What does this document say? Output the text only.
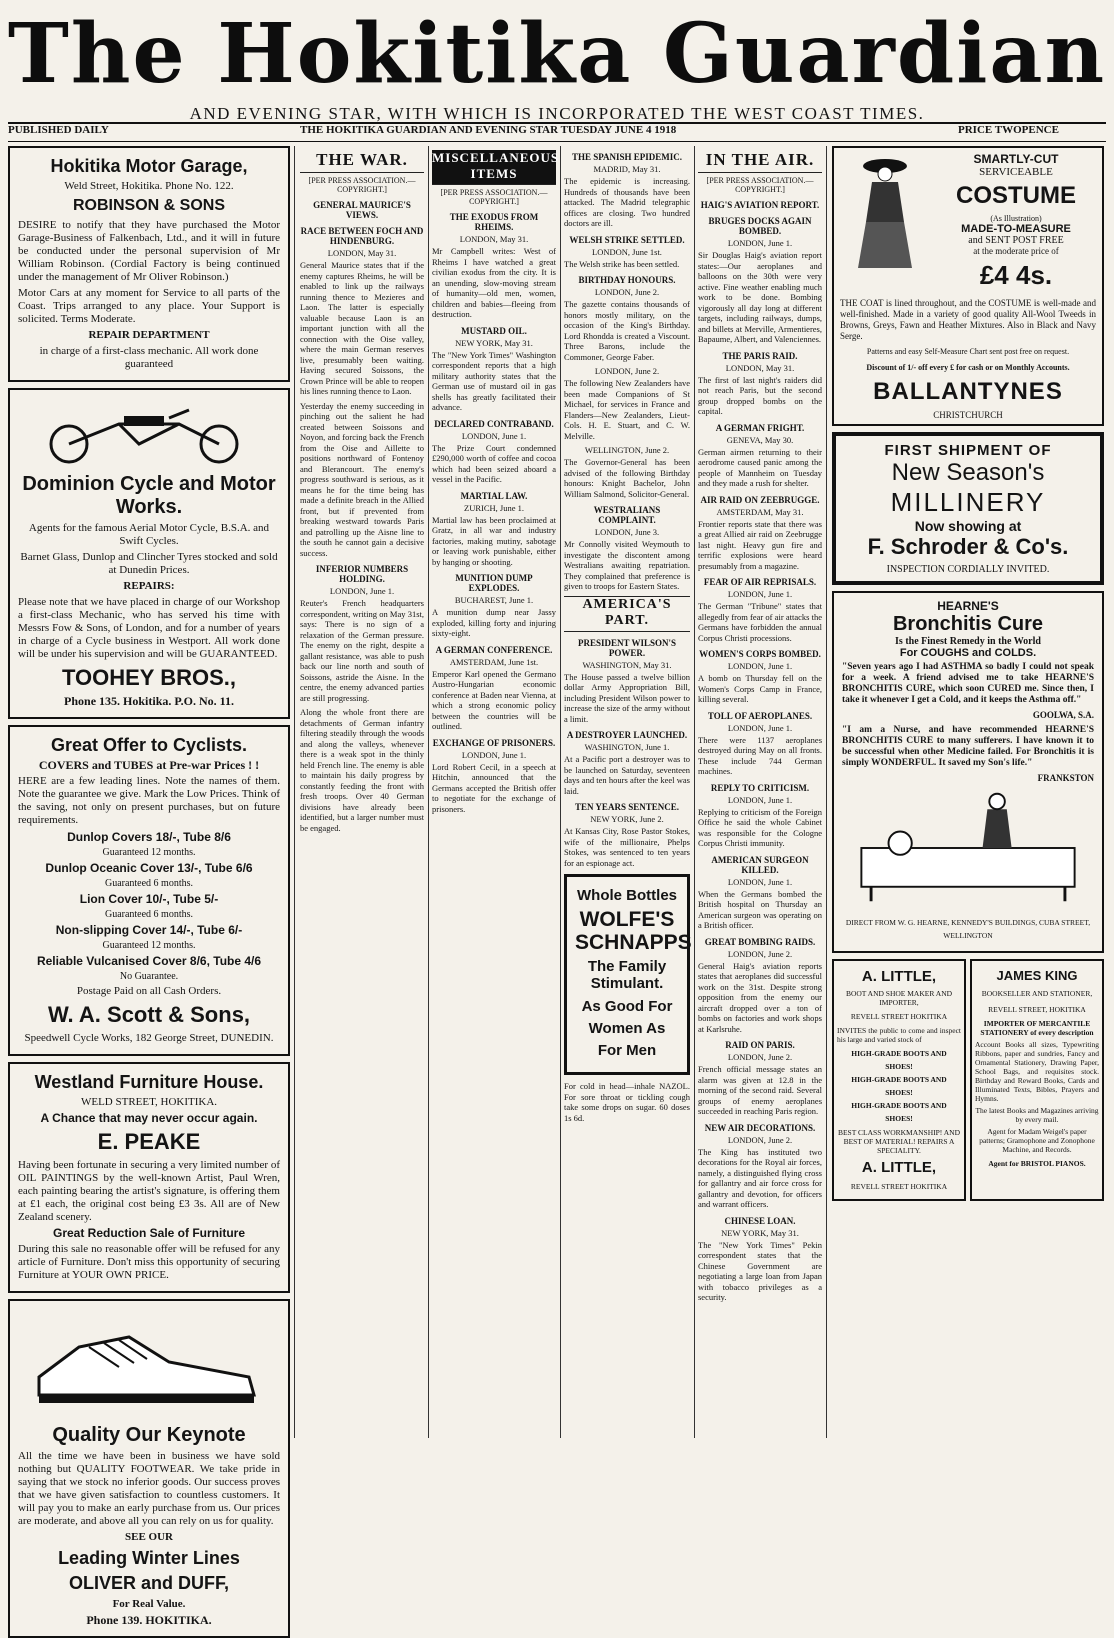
The Hokitika Guardian
AND EVENING STAR, WITH WHICH IS INCORPORATED THE WEST COAST TIMES.
PUBLISHED DAILY	THE HOKITIKA GUARDIAN AND EVENING STAR TUESDAY JUNE 4 1918	PRICE TWOPENCE
Hokitika Motor Garage,

Weld Street, Hokitika. Phone No. 122.

ROBINSON & SONS

DESIRE to notify that they have purchased the Motor Garage-Business of Falkenbach, Ltd., and it will in future be conducted under the personal supervision of Mr William Robinson. (Cordial Factory is being continued under the management of Mr Oliver Robinson.)

Motor Cars at any moment for Service to all parts of the Coast. Trips arranged to any place. Your Support is solicited. Terms Moderate.

REPAIR DEPARTMENT

in charge of a first-class mechanic. All work done guaranteed

Dominion Cycle and Motor Works.

Agents for the famous Aerial Motor Cycle, B.S.A. and Swift Cycles.

Barnet Glass, Dunlop and Clincher Tyres stocked and sold at Dunedin Prices.

REPAIRS:

Please note that we have placed in charge of our Workshop a first-class Mechanic, who has served his time with Messrs Fow & Sons, of London, and for a number of years in charge of a Cycle business in Westport. All work done will be under his supervision and will be GUARANTEED.

TOOHEY BROS.,

Phone 135. Hokitika. P.O. No. 11.

Great Offer to Cyclists.

COVERS and TUBES at Pre-war Prices ! !

HERE are a few leading lines. Note the names of them. Note the guarantee we give. Mark the Low Prices. Think of the saving, not only on present purchases, but on future requirements.

Dunlop Covers 18/-, Tube 8/6
Guaranteed 12 months.
Dunlop Oceanic Cover 13/-, Tube 6/6
Guaranteed 6 months.
Lion Cover 10/-, Tube 5/-
Guaranteed 6 months.
Non-slipping Cover 14/-, Tube 6/-
Guaranteed 12 months.
Reliable Vulcanised Cover 8/6, Tube 4/6
No Guarantee.

Postage Paid on all Cash Orders.

W. A. Scott & Sons,

Speedwell Cycle Works, 182 George Street, DUNEDIN.

Westland Furniture House.

WELD STREET, HOKITIKA.

A Chance that may never occur again.

E. PEAKE

Having been fortunate in securing a very limited number of OIL PAINTINGS by the well-known Artist, Paul Wren, each painting bearing the artist's signature, is offering them at £1 each, the original cost being £3 3s. All are of New Zealand scenery.

Great Reduction Sale of Furniture

During this sale no reasonable offer will be refused for any article of Furniture. Don't miss this opportunity of securing Furniture at YOUR OWN PRICE.

Quality Our Keynote

All the time we have been in business we have sold nothing but QUALITY FOOTWEAR. We take pride in saying that we stock no inferior goods. Our success proves that we have given satisfaction to countless customers. It will pay you to make an early purchase from us. Our prices are moderate, and above all you can rely on us for quality.

SEE OUR

Leading Winter Lines
OLIVER and DUFF,

For Real Value.

Phone 139. HOKITIKA.

THE WAR.
[PER PRESS ASSOCIATION.—COPYRIGHT.]
GENERAL MAURICE'S VIEWS.
RACE BETWEEN FOCH AND HINDENBURG.
LONDON, May 31.

General Maurice states that if the enemy captures Rheims, he will be enabled to link up the railways running thence to Mezieres and Laon. The latter is especially valuable because Laon is an important junction with all the connection with the Oise valley, where the main German reserves live, presumably been waiting. Having secured Soissons, the Crown Prince will be able to reopen his lines running thence to Laon.

Yesterday the enemy succeeding in pinching out the salient he had created between Soissons and Noyon, and forcing back the French from the Oise and Aillette to positions northward of Fontenoy and Blerancourt. The enemy's progress southward is serious, as it means he for the time being has made a definite breach in the Allied front, but if prevented from breaking westward towards Paris and patrolling up the Aisne line to the south he cannot gain a decisive success.

INFERIOR NUMBERS HOLDING.
LONDON, June 1.

Reuter's French headquarters correspondent, writing on May 31st, says: There is no sign of a relaxation of the German pressure. The enemy on the right, despite a gallant resistance, was able to push back our line north and south of Soissons, astride the Aisne. In the centre, the enemy advanced parties are still progressing.

Along the whole front there are detachments of German infantry filtering steadily through the woods and along the valleys, whenever there is a weak spot in the thinly held French line. The enemy is able to maintain his daily progress by constantly feeding the front with fresh troops. Over 40 German divisions have already been identified, but a larger number must be engaged.

MISCELLANEOUS ITEMS
[PER PRESS ASSOCIATION.—COPYRIGHT.]
THE EXODUS FROM RHEIMS.
LONDON, May 31.

Mr Campbell writes: West of Rheims I have watched a great civilian exodus from the city. It is an unending, slow-moving stream of humanity—old men, women, children and babies—fleeing from destruction.

MUSTARD OIL.
NEW YORK, May 31.

The "New York Times" Washington correspondent reports that a high military authority states that the German use of mustard oil in gas shells has greatly facilitated their advance.

DECLARED CONTRABAND.
LONDON, June 1.

The Prize Court condemned £290,000 worth of coffee and cocoa which had been seized aboard a vessel in the Pacific.

MARTIAL LAW.
ZURICH, June 1.

Martial law has been proclaimed at Gratz, in all war and industry factories, making mutiny, sabotage or leaving work punishable, either by hanging or shooting.

MUNITION DUMP EXPLODES.
BUCHAREST, June 1.

A munition dump near Jassy exploded, killing forty and injuring sixty-eight.

A GERMAN CONFERENCE.
AMSTERDAM, June 1st.

Emperor Karl opened the Germano Austro-Hungarian economic conference at Baden near Vienna, at which a strong economic policy between the countries will be outlined.

EXCHANGE OF PRISONERS.
LONDON, June 1.

Lord Robert Cecil, in a speech at Hitchin, announced that the Germans accepted the British offer to negotiate for the exchange of prisoners.

THE SPANISH EPIDEMIC.
MADRID, May 31.

The epidemic is increasing. Hundreds of thousands have been attacked. The Madrid telegraphic offices are closing. Two hundred doctors are ill.

WELSH STRIKE SETTLED.
LONDON, June 1st.

The Welsh strike has been settled.

BIRTHDAY HONOURS.
LONDON, June 2.

The gazette contains thousands of honors mostly military, on the occasion of the King's Birthday. Lord Rhondda is created a Viscount. Three Barons, include the Commoner, George Faber.

LONDON, June 2.

The following New Zealanders have been made Companions of St Michael, for services in France and Flanders—New Zealanders, Lieut-Cols. H. E. Stuart, and C. W. Melville.

WELLINGTON, June 2.

The Governor-General has been advised of the following Birthday honours: Knight Bachelor, John William Salmond, Solicitor-General.

WESTRALIANS COMPLAINT.
LONDON, June 3.

Mr Connolly visited Weymouth to investigate the discontent among Westralians awaiting repatriation. They complained that preference is given to troops for Eastern States.

AMERICA'S PART.
PRESIDENT WILSON'S POWER.
WASHINGTON, May 31.

The House passed a twelve billion dollar Army Appropriation Bill, including President Wilson power to increase the size of the army without a limit.

A DESTROYER LAUNCHED.
WASHINGTON, June 1.

At a Pacific port a destroyer was to be launched on Saturday, seventeen days and ten hours after the keel was laid.

TEN YEARS SENTENCE.
NEW YORK, June 2.

At Kansas City, Rose Pastor Stokes, wife of the millionaire, Phelps Stokes, was sentenced to ten years for an espionage act.

Whole Bottles
WOLFE'S SCHNAPPS
The Family Stimulant.
As Good For Women As For Men

For cold in head—inhale NAZOL. For sore throat or tickling cough take some drops on sugar. 60 doses 1s 6d.

IN THE AIR.
[PER PRESS ASSOCIATION.—COPYRIGHT.]
HAIG'S AVIATION REPORT.
BRUGES DOCKS AGAIN BOMBED.
LONDON, June 1.

Sir Douglas Haig's aviation report states:—Our aeroplanes and balloons on the 30th were very active. Fine weather enabling much work to be done. Bombing vigorously all day long at different targets, including railways, dumps, and billets at Merville, Armentieres, Bapaume, Albert, and Valenciennes.

THE PARIS RAID.
LONDON, May 31.

The first of last night's raiders did not reach Paris, but the second group dropped bombs on the capital.

A GERMAN FRIGHT.
GENEVA, May 30.

German airmen returning to their aerodrome caused panic among the people of Mannheim on Tuesday and they made a rush for shelter.

AIR RAID ON ZEEBRUGGE.
AMSTERDAM, May 31.

Frontier reports state that there was a great Allied air raid on Zeebrugge last night. Heavy gun fire and terrific explosions were heard presumably from a magazine.

FEAR OF AIR REPRISALS.
LONDON, June 1.

The German "Tribune" states that allegedly from fear of air attacks the Germans have forbidden the annual Corpus Christi processions.

WOMEN'S CORPS BOMBED.
LONDON, June 1.

A bomb on Thursday fell on the Women's Corps Camp in France, killing several.

TOLL OF AEROPLANES.
LONDON, June 1.

There were 1137 aeroplanes destroyed during May on all fronts. These include 744 German machines.

REPLY TO CRITICISM.
LONDON, June 1.

Replying to criticism of the Foreign Office he said the whole Cabinet was responsible for the Cologne Corpus Christi immunity.

AMERICAN SURGEON KILLED.
LONDON, June 1.

When the Germans bombed the British hospital on Thursday an American surgeon was operating on a British officer.

GREAT BOMBING RAIDS.
LONDON, June 2.

General Haig's aviation reports states that aeroplanes did successful work on the 31st. Despite strong opposition from the enemy our aircraft dropped over a ton of bombs on factories and work shops at Karlsruhe.

RAID ON PARIS.
LONDON, June 2.

French official message states an alarm was given at 12.8 in the morning of the second raid. Several groups of enemy aeroplanes succeeded in reaching Paris region.

NEW AIR DECORATIONS.
LONDON, June 2.

The King has instituted two decorations for the Royal air forces, namely, a distinguished flying cross for gallantry and air force cross for gallantry and devotion, for officers and warrant officers.

CHINESE LOAN.
NEW YORK, May 31.

The "New York Times" Pekin correspondent states that the Chinese Government are negotiating a large loan from Japan with tobacco privileges as a security.

SMARTLY-CUT
SERVICEABLE
COSTUME
(As Illustration)
MADE-TO-MEASURE
and SENT POST FREE
at the moderate price of
£4 4s.

THE COAT is lined throughout, and the COSTUME is well-made and well-finished. Made in a variety of good quality All-Wool Tweeds in Browns, Greys, Fawn and Heather Mixtures. Also in Black and Navy Serge.

Patterns and easy Self-Measure Chart sent post free on request.

Discount of 1/- off every £ for cash or on Monthly Accounts.

BALLANTYNES
CHRISTCHURCH
FIRST SHIPMENT OF
New Season's
MILLINERY
Now showing at
F. Schroder & Co's.
INSPECTION CORDIALLY INVITED.
HEARNE'S
Bronchitis Cure
Is the Finest Remedy in the World
For COUGHS and COLDS.

"Seven years ago I had ASTHMA so badly I could not speak for a week. A friend advised me to take HEARNE'S BRONCHITIS CURE, which soon CURED me. Since then, I take it whenever I get a Cold, and it keeps the Asthma off."

GOOLWA, S.A.

"I am a Nurse, and have recommended HEARNE'S BRONCHITIS CURE to many sufferers. I have known it to be successful when other Medicine failed. For Bronchitis it is simply WONDERFUL. It saved my Son's life."

FRANKSTON

DIRECT FROM W. G. HEARNE, KENNEDY'S BUILDINGS, CUBA STREET, WELLINGTON

A. LITTLE,

BOOT AND SHOE MAKER AND IMPORTER,

REVELL STREET HOKITIKA

INVITES the public to come and inspect his large and varied stock of

HIGH-GRADE BOOTS AND SHOES!

HIGH-GRADE BOOTS AND SHOES!

HIGH-GRADE BOOTS AND SHOES!

BEST CLASS WORKMANSHIP! AND BEST OF MATERIAL! REPAIRS A SPECIALITY.

A. LITTLE,

REVELL STREET HOKITIKA

JAMES KING

BOOKSELLER AND STATIONER,

REVELL STREET, HOKITIKA

IMPORTER OF MERCANTILE STATIONERY of every description

Account Books all sizes, Typewriting Ribbons, paper and sundries, Fancy and Ornamental Stationery, Drawing Paper, School Bags, and requisites stock. Birthday and Reward Books, Cards and Illuminated Texts, Bibles, Prayers and Hymns.

The latest Books and Magazines arriving by every mail.

Agent for Madam Weigel's paper patterns; Gramophone and Zonophone Machine, and Records.

Agent for BRISTOL PIANOS.
